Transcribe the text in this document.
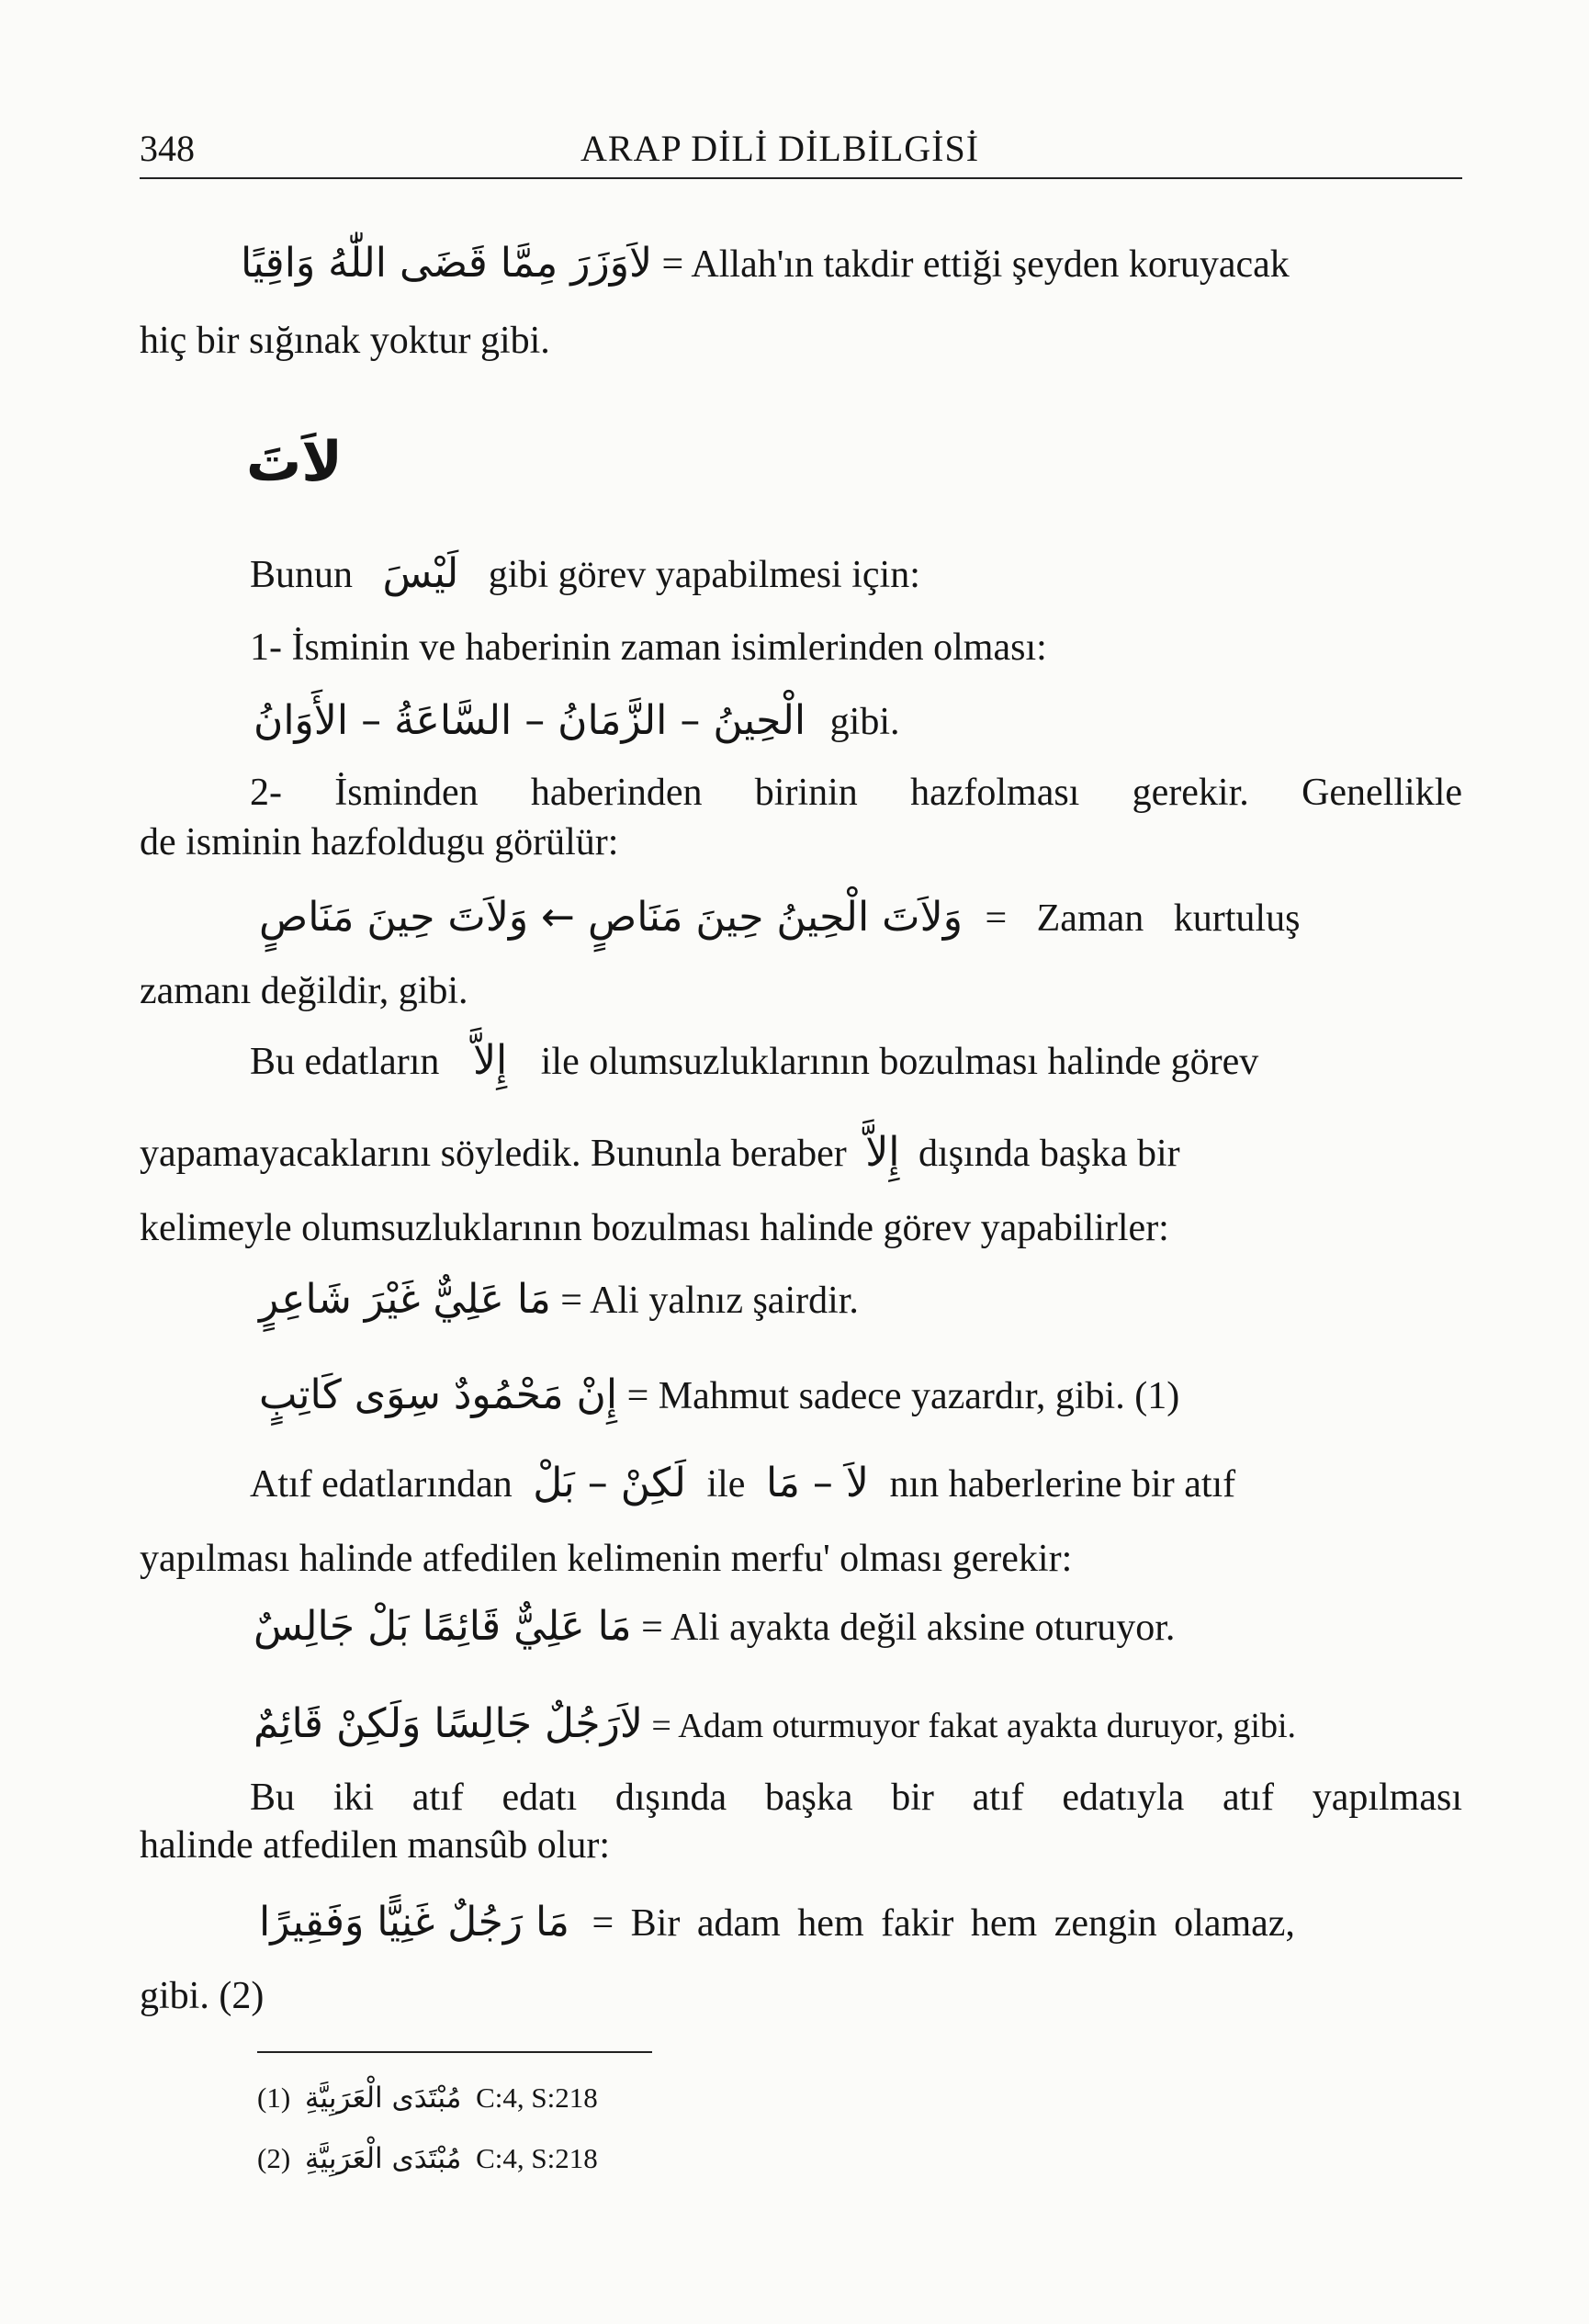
348	ARAP DİLİ DİLBİLGİSİ
لاَوَزَرَ مِمَّا قَضَى اللّٰهُ وَاقِيًا = Allah'ın takdir ettiği şeyden koruyacak
hiç bir sığınak yoktur gibi.
لاَتَ
Bunun لَيْسَ gibi görev yapabilmesi için:
1- İsminin ve haberinin zaman isimlerinden olması:
الْحِينُ – الزَّمَانُ – السَّاعَةُ – الأَوَانُ gibi.
2- İsminden haberinden birinin hazfolması gerekir. Genellikle
de isminin hazfoldugu görülür:
وَلاَتَ الْحِينُ حِينَ مَنَاصٍ ← وَلاَتَ حِينَ مَنَاصٍ = Zaman kurtuluş
zamanı değildir, gibi.
Bu edatların إِلاَّ ile olumsuzluklarının bozulması halinde görev
yapamayacaklarını söyledik. Bununla beraber إِلاَّ dışında başka bir
kelimeyle olumsuzluklarının bozulması halinde görev yapabilirler:
مَا عَلِيٌّ غَيْرَ شَاعِرٍ = Ali yalnız şairdir.
إِنْ مَحْمُودٌ سِوَى كَاتِبٍ = Mahmut sadece yazardır, gibi. (1)
Atıf edatlarından لَكِنْ – بَلْ ile لاَ – مَا nın haberlerine bir atıf
yapılması halinde atfedilen kelimenin merfu' olması gerekir:
مَا عَلِيٌّ قَائِمًا بَلْ جَالِسٌ = Ali ayakta değil aksine oturuyor.
لاَرَجُلٌ جَالِسًا وَلَكِنْ قَائِمٌ = Adam oturmuyor fakat ayakta duruyor, gibi.
Bu iki atıf edatı dışında başka bir atıf edatıyla atıf yapılması
halinde atfedilen mansûb olur:
مَا رَجُلٌ غَنِيًّا وَفَقِيرًا = Bir adam hem fakir hem zengin olamaz,
gibi. (2)
(1) مُبْتَدَى الْعَرَبِيَّةِ C:4, S:218
(2) مُبْتَدَى الْعَرَبِيَّةِ C:4, S:218
